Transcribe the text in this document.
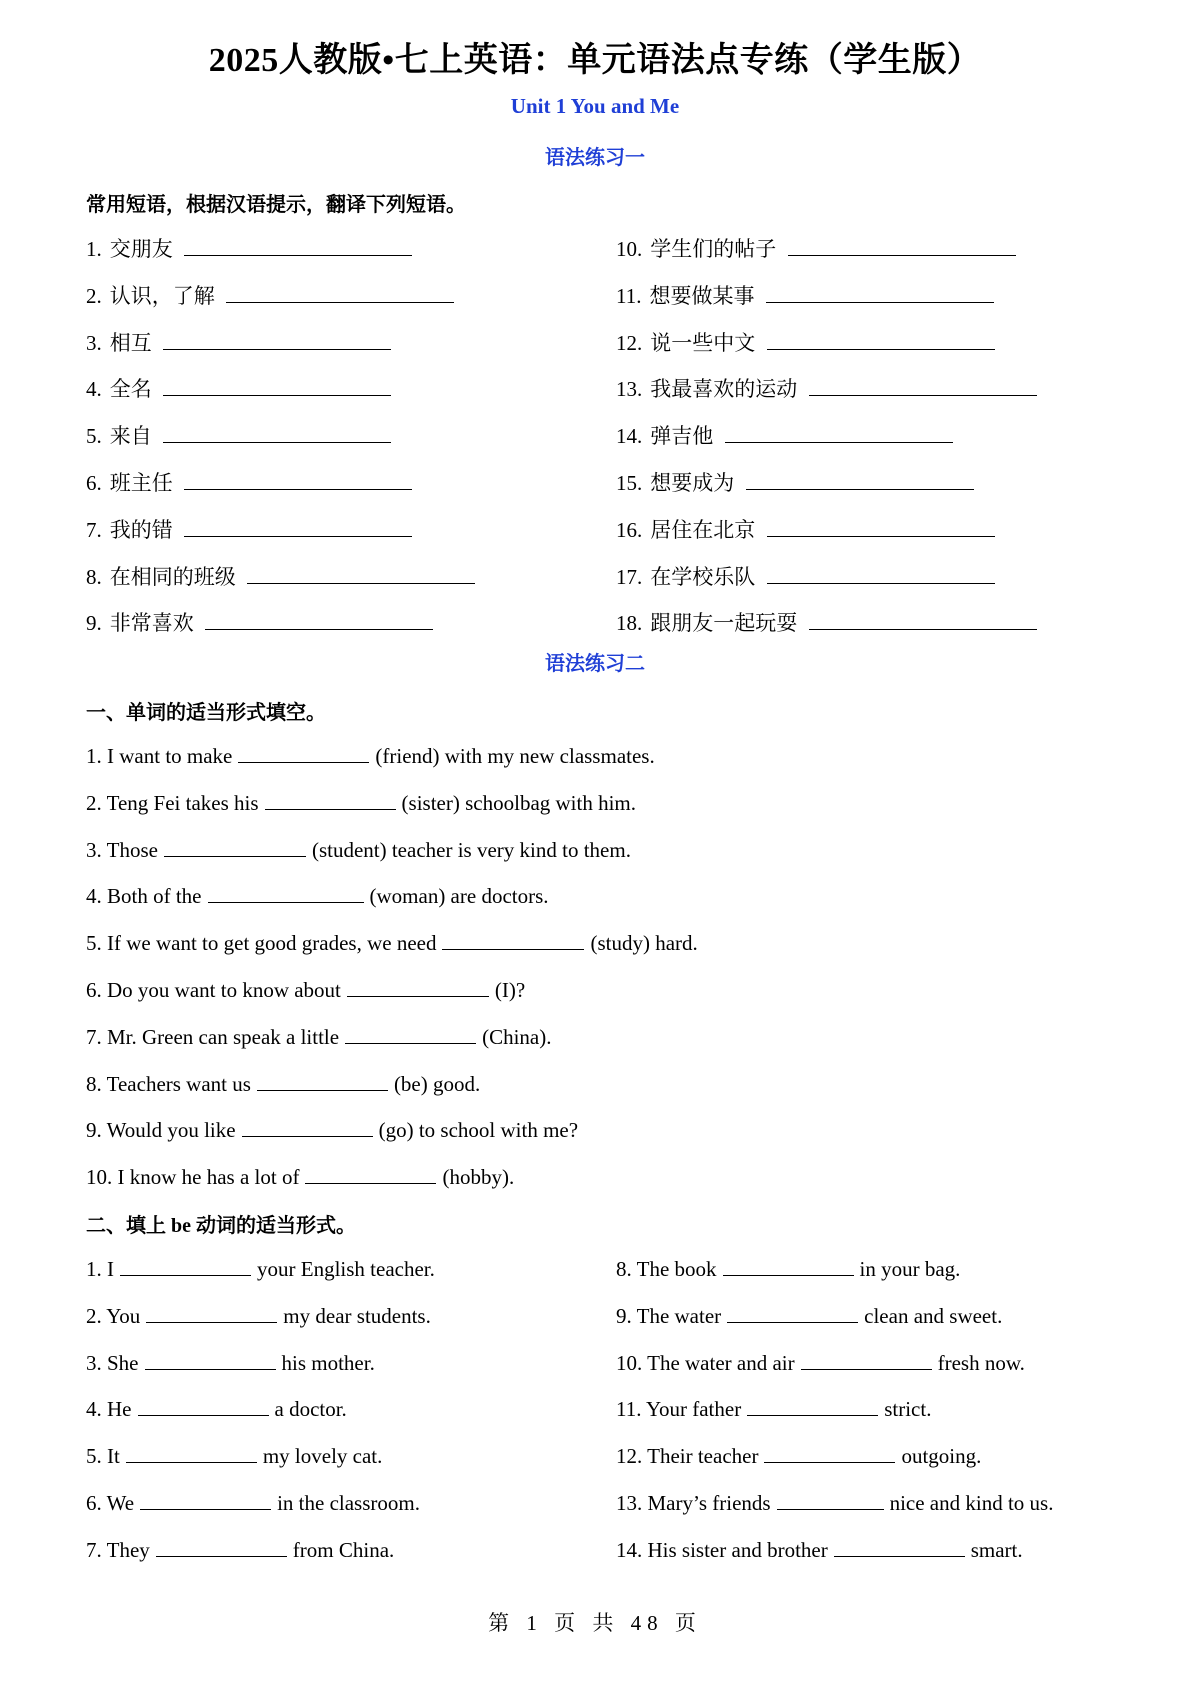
2025人教版•七上英语：单元语法点专练（学生版）
Unit 1 You and Me
语法练习一
常用短语，根据汉语提示，翻译下列短语。
1. 交朋友
2. 认识，了解
3. 相互
4. 全名
5. 来自
6. 班主任
7. 我的错
8. 在相同的班级
9. 非常喜欢
10. 学生们的帖子
11. 想要做某事
12. 说一些中文
13. 我最喜欢的运动
14. 弹吉他
15. 想要成为
16. 居住在北京
17. 在学校乐队
18. 跟朋友一起玩耍
语法练习二
一、单词的适当形式填空。
1. I want to make	(friend) with my new classmates.
2. Teng Fei takes his	(sister) schoolbag with him.
3. Those	(student) teacher is very kind to them.
4. Both of the	(woman) are doctors.
5. If we want to get good grades, we need	(study) hard.
6. Do you want to know about	(I)?
7. Mr. Green can speak a little	(China).
8. Teachers want us	(be) good.
9. Would you like	(go) to school with me?
10. I know he has a lot of	(hobby).
二、填上 be 动词的适当形式。
1. I	your English teacher.
2. You	my dear students.
3. She	his mother.
4. He	a doctor.
5. It	my lovely cat.
6. We	in the classroom.
7. They	from China.
8. The book	in your bag.
9. The water	clean and sweet.
10. The water and air	fresh now.
11. Your father	strict.
12. Their teacher	outgoing.
13. Mary’s friends	nice and kind to us.
14. His sister and brother	smart.
第 1 页 共 48 页
